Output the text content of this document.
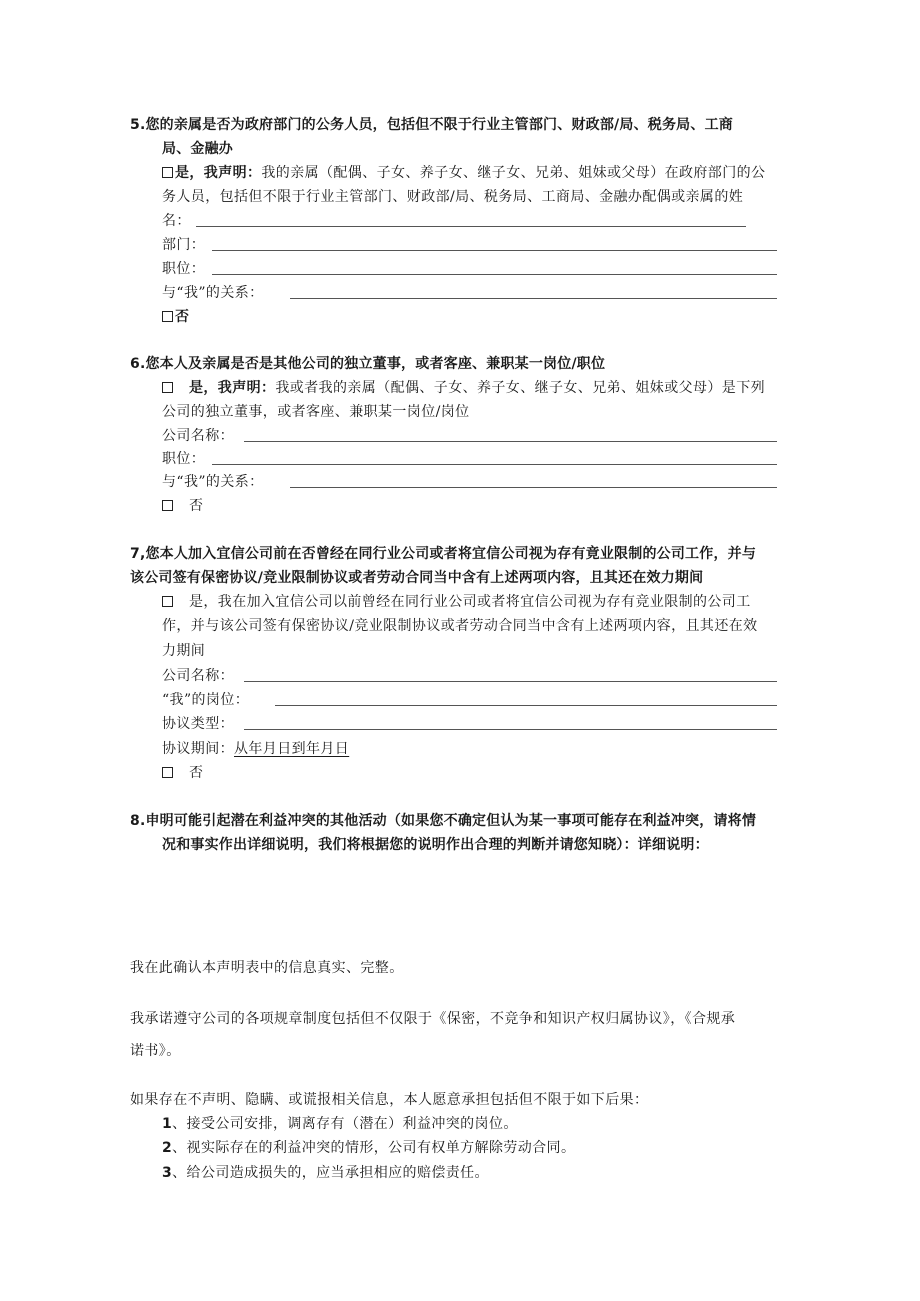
5.您的亲属是否为政府部门的公务人员，包括但不限于行业主管部门、财政部/局、税务局、工商
局、金融办
是，我声明：我的亲属（配偶、子女、养子女、继子女、兄弟、姐妹或父母）在政府部门的公
务人员，包括但不限于行业主管部门、财政部/局、税务局、工商局、金融办配偶或亲属的姓
名：
部门：
职位：
与“我”的关系：
否
6.您本人及亲属是否是其他公司的独立董事，或者客座、兼职某一岗位/职位
是，我声明：我或者我的亲属（配偶、子女、养子女、继子女、兄弟、姐妹或父母）是下列
公司的独立董事，或者客座、兼职某一岗位/岗位
公司名称：
职位：
与“我”的关系：
否
7,您本人加入宜信公司前在否曾经在同行业公司或者将宜信公司视为存有竟业限制的公司工作，并与
该公司签有保密协议/竞业限制协议或者劳动合同当中含有上述两项内容，且其还在效力期间
是，我在加入宜信公司以前曾经在同行业公司或者将宜信公司视为存有竞业限制的公司工
作，并与该公司签有保密协议/竞业限制协议或者劳动合同当中含有上述两项内容，且其还在效
力期间
公司名称：
“我”的岗位：
协议类型：
协议期间：从年月日到年月日
否
8.申明可能引起潜在利益冲突的其他活动（如果您不确定但认为某一事项可能存在利益冲突，请将情
况和事实作出详细说明，我们将根据您的说明作出合理的判断并请您知晓）：详细说明：
我在此确认本声明表中的信息真实、完整。
我承诺遵守公司的各项规章制度包括但不仅限于《保密，不竞争和知识产权归属协议》，《合规承
诺书》。
如果存在不声明、隐瞒、或谎报相关信息，本人愿意承担包括但不限于如下后果：
1、接受公司安排，调离存有（潜在）利益冲突的岗位。
2、视实际存在的利益冲突的情形，公司有权单方解除劳动合同。
3、给公司造成损失的，应当承担相应的赔偿责任。
